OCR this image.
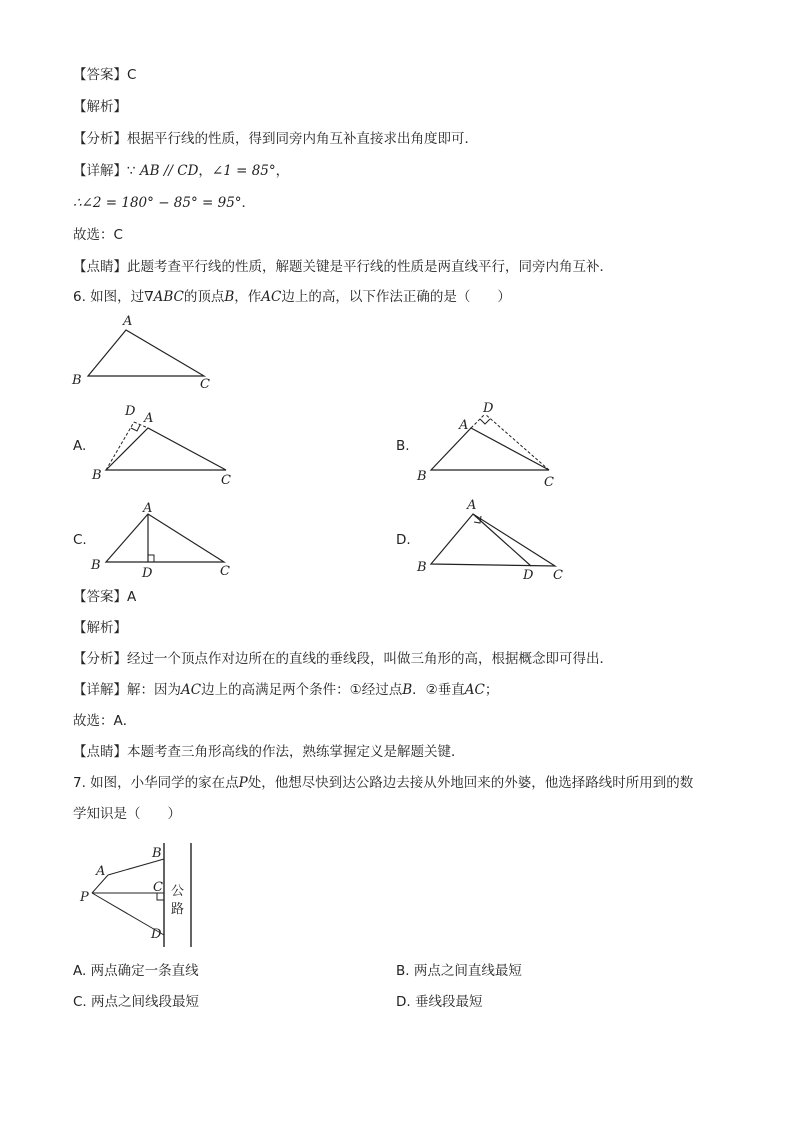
【答案】C
【解析】
【分析】根据平行线的性质，得到同旁内角互补直接求出角度即可．
【详解】∵ AB // CD，∠1 = 85°，
∴∠2 = 180° − 85° = 95°．
故选：C
【点睛】此题考查平行线的性质，解题关键是平行线的性质是两直线平行，同旁内角互补．
6. 如图，过∇ABC的顶点B，作AC边上的高，以下作法正确的是（　　）
A
B	C
A.
D A
B	C
B.
D
A
B	C
C.
A
B
D	C
D.
A
B
D C
【答案】A
【解析】
【分析】经过一个顶点作对边所在的直线的垂线段，叫做三角形的高，根据概念即可得出．
【详解】解：因为AC边上的高满足两个条件：①经过点B．②垂直AC；
故选：A．
【点睛】本题考查三角形高线的作法，熟练掌握定义是解题关键．
7. 如图，小华同学的家在点P处，他想尽快到达公路边去接从外地回来的外婆，他选择路线时所用到的数
学知识是（　　）
A
B
C
D
P	公
路
A. 两点确定一条直线	B. 两点之间直线最短
C. 两点之间线段最短	D. 垂线段最短
